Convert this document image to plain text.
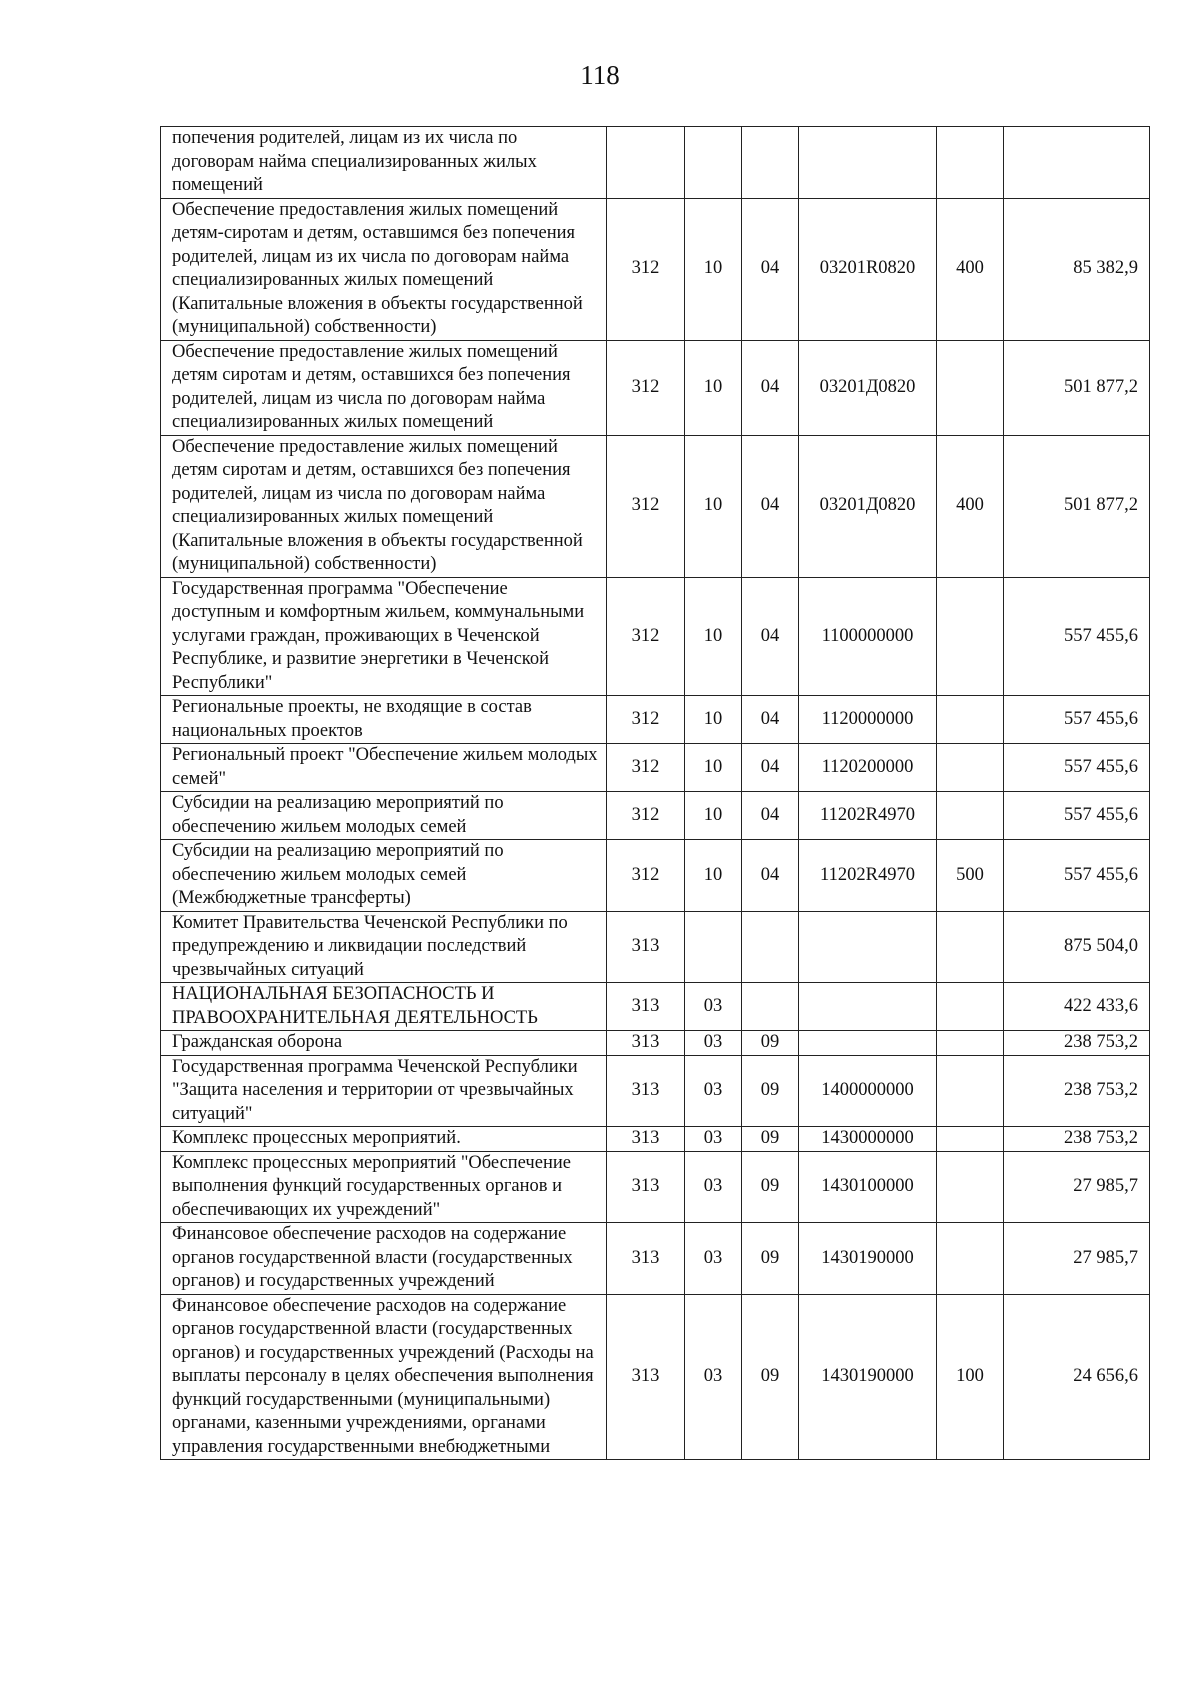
118
попечения родителей, лицам из их числа по договорам найма специализированных жилых помещений						
Обеспечение предоставления жилых помещений детям-сиротам и детям, оставшимся без попечения родителей, лицам из их числа по договорам найма специализированных жилых помещений (Капитальные вложения в объекты государственной (муниципальной) собственности)	312	10	04	03201R0820	400	85 382,9
Обеспечение предоставление жилых помещений детям сиротам и детям, оставшихся без попечения родителей, лицам из числа по договорам найма специализированных жилых помещений	312	10	04	03201Д0820		501 877,2
Обеспечение предоставление жилых помещений детям сиротам и детям, оставшихся без попечения родителей, лицам из числа по договорам найма специализированных жилых помещений (Капитальные вложения в объекты государственной (муниципальной) собственности)	312	10	04	03201Д0820	400	501 877,2
Государственная программа "Обеспечение доступным и комфортным жильем, коммунальными услугами граждан, проживающих в Чеченской Республике, и развитие энергетики в Чеченской Республики"	312	10	04	1100000000		557 455,6
Региональные проекты, не входящие в состав национальных проектов	312	10	04	1120000000		557 455,6
Региональный проект "Обеспечение жильем молодых семей"	312	10	04	1120200000		557 455,6
Субсидии на реализацию мероприятий по обеспечению жильем молодых семей	312	10	04	11202R4970		557 455,6
Субсидии на реализацию мероприятий по обеспечению жильем молодых семей (Межбюджетные трансферты)	312	10	04	11202R4970	500	557 455,6
Комитет Правительства Чеченской Республики по предупреждению и ликвидации последствий чрезвычайных ситуаций	313					875 504,0
НАЦИОНАЛЬНАЯ БЕЗОПАСНОСТЬ И ПРАВООХРАНИТЕЛЬНАЯ ДЕЯТЕЛЬНОСТЬ	313	03				422 433,6
Гражданская оборона	313	03	09			238 753,2
Государственная программа Чеченской Республики "Защита населения и территории от чрезвычайных ситуаций"	313	03	09	1400000000		238 753,2
Комплекс процессных мероприятий.	313	03	09	1430000000		238 753,2
Комплекс процессных мероприятий "Обеспечение выполнения функций государственных органов и обеспечивающих их учреждений"	313	03	09	1430100000		27 985,7
Финансовое обеспечение расходов на содержание органов государственной власти (государственных органов) и государственных учреждений	313	03	09	1430190000		27 985,7
Финансовое обеспечение расходов на содержание органов государственной власти (государственных органов) и государственных учреждений (Расходы на выплаты персоналу в целях обеспечения выполнения функций государственными (муниципальными) органами, казенными учреждениями, органами управления государственными внебюджетными	313	03	09	1430190000	100	24 656,6
